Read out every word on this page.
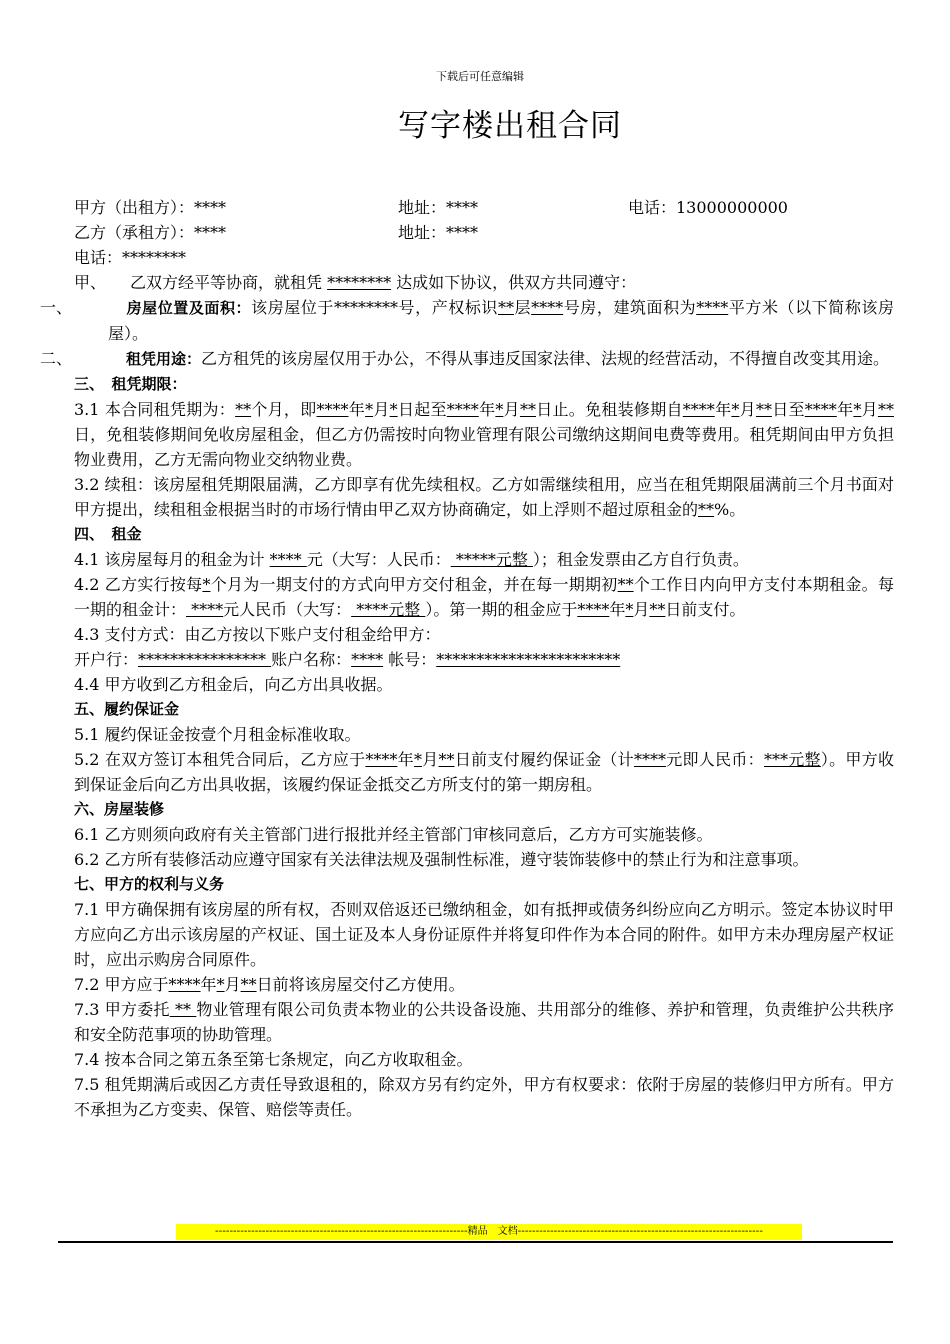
下载后可任意编辑
写字楼出租合同
甲方（出租方）：****	地址：****	电话：13000000000
乙方（承租方）：****	地址：****

电话：********

甲、　　乙双方经平等协商，就租凭 ******** 达成如下协议，供双方共同遵守：

一、	房屋位置及面积：该房屋位于********号，产权标识**层****号房，建筑面积为****平方米（以下简称该房屋）。

二、	租凭用途：乙方租凭的该房屋仅用于办公，不得从事违反国家法律、法规的经营活动，不得擅自改变其用途。

三、　租凭期限：

3.1 本合同租凭期为：**个月，即****年*月*日起至****年*月**日止。免租装修期自****年*月**日至****年*月**日，免租装修期间免收房屋租金，但乙方仍需按时向物业管理有限公司缴纳这期间电费等费用。租凭期间由甲方负担物业费用，乙方无需向物业交纳物业费。

3.2 续租：该房屋租凭期限届满，乙方即享有优先续租权。乙方如需继续租用，应当在租凭期限届满前三个月书面对甲方提出，续租租金根据当时的市场行情由甲乙双方协商确定，如上浮则不超过原租金的**%。

四、　租金

4.1 该房屋每月的租金为计 **** 元（大写：人民币： *****元整 ）；租金发票由乙方自行负责。

4.2 乙方实行按每*个月为一期支付的方式向甲方交付租金，并在每一期期初**个工作日内向甲方支付本期租金。每一期的租金计： ****元人民币（大写： ****元整 ）。第一期的租金应于****年*月**日前支付。

4.3 支付方式：由乙方按以下账户支付租金给甲方：

开户行：**************** 账户名称：**** 帐号：***********************

4.4 甲方收到乙方租金后，向乙方出具收据。

五、履约保证金

5.1 履约保证金按壹个月租金标准收取。

5.2 在双方签订本租凭合同后，乙方应于****年*月**日前支付履约保证金（计****元即人民币：***元整）。甲方收到保证金后向乙方出具收据，该履约保证金抵交乙方所支付的第一期房租。

六、房屋装修

6.1 乙方则须向政府有关主管部门进行报批并经主管部门审核同意后，乙方方可实施装修。

6.2 乙方所有装修活动应遵守国家有关法律法规及强制性标准，遵守装饰装修中的禁止行为和注意事项。

七、甲方的权利与义务

7.1 甲方确保拥有该房屋的所有权，否则双倍返还已缴纳租金，如有抵押或债务纠纷应向乙方明示。签定本协议时甲方应向乙方出示该房屋的产权证、国土证及本人身份证原件并将复印件作为本合同的附件。如甲方未办理房屋产权证时，应出示购房合同原件。

7.2 甲方应于****年*月**日前将该房屋交付乙方使用。

7.3 甲方委托 ** 物业管理有限公司负责本物业的公共设备设施、共用部分的维修、养护和管理，负责维护公共秩序和安全防范事项的协助管理。

7.4 按本合同之第五条至第七条规定，向乙方收取租金。

7.5 租凭期满后或因乙方责任导致退租的，除双方另有约定外，甲方有权要求：依附于房屋的装修归甲方所有。甲方不承担为乙方变卖、保管、赔偿等责任。

----------------------------------------------------------------------精品　文档--------------------------------------------------------------------
